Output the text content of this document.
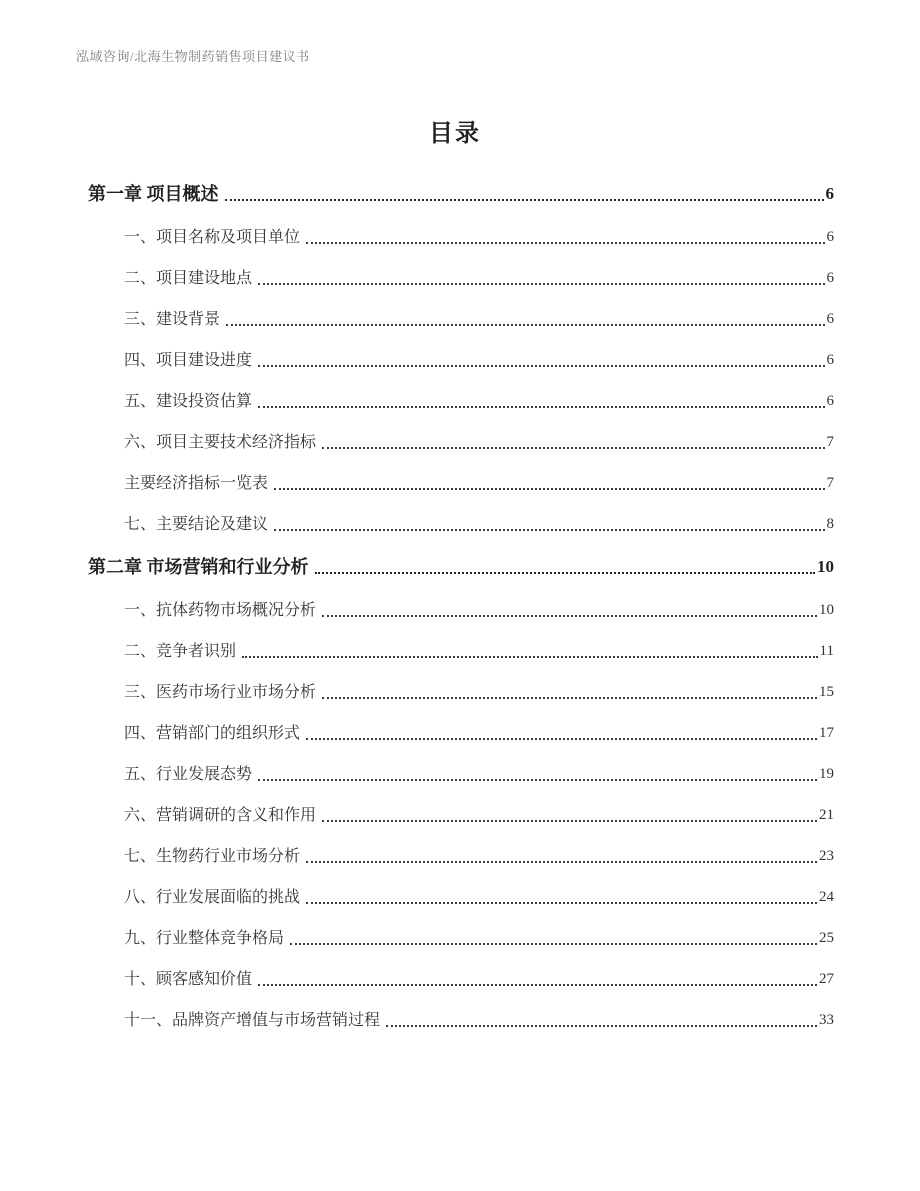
泓域咨询/北海生物制药销售项目建议书
目录
第一章 项目概述	6
一、项目名称及项目单位	6
二、项目建设地点	6
三、建设背景	6
四、项目建设进度	6
五、建设投资估算	6
六、项目主要技术经济指标	7
主要经济指标一览表	7
七、主要结论及建议	8
第二章 市场营销和行业分析	10
一、抗体药物市场概况分析	10
二、竞争者识别	11
三、医药市场行业市场分析	15
四、营销部门的组织形式	17
五、行业发展态势	19
六、营销调研的含义和作用	21
七、生物药行业市场分析	23
八、行业发展面临的挑战	24
九、行业整体竞争格局	25
十、顾客感知价值	27
十一、品牌资产增值与市场营销过程	33
